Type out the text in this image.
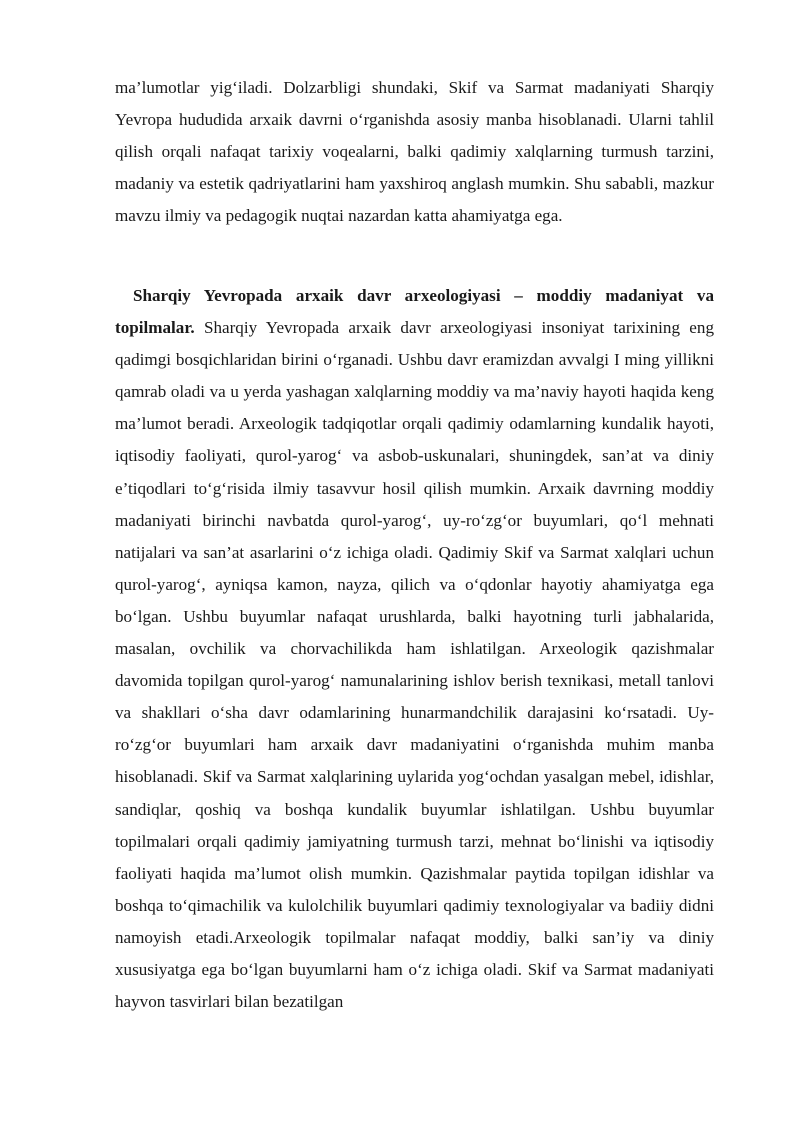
ma’lumotlar yig‘iladi. Dolzarbligi shundaki, Skif va Sarmat madaniyati Sharqiy Yevropa hududida arxaik davrni o‘rganishda asosiy manba hisoblanadi. Ularni tahlil qilish orqali nafaqat tarixiy voqealarni, balki qadimiy xalqlarning turmush tarzini, madaniy va estetik qadriyatlarini ham yaxshiroq anglash mumkin. Shu sababli, mazkur mavzu ilmiy va pedagogik nuqtai nazardan katta ahamiyatga ega.

Sharqiy Yevropada arxaik davr arxeologiyasi – moddiy madaniyat va topilmalar. Sharqiy Yevropada arxaik davr arxeologiyasi insoniyat tarixining eng qadimgi bosqichlaridan birini o‘rganadi. Ushbu davr eramizdan avvalgi I ming yillikni qamrab oladi va u yerda yashagan xalqlarning moddiy va ma’naviy hayoti haqida keng ma’lumot beradi. Arxeologik tadqiqotlar orqali qadimiy odamlarning kundalik hayoti, iqtisodiy faoliyati, qurol-yarog‘ va asbob-uskunalari, shuningdek, san’at va diniy e’tiqodlari to‘g‘risida ilmiy tasavvur hosil qilish mumkin. Arxaik davrning moddiy madaniyati birinchi navbatda qurol-yarog‘, uy-ro‘zg‘or buyumlari, qo‘l mehnati natijalari va san’at asarlarini o‘z ichiga oladi. Qadimiy Skif va Sarmat xalqlari uchun qurol-yarog‘, ayniqsa kamon, nayza, qilich va o‘qdonlar hayotiy ahamiyatga ega bo‘lgan. Ushbu buyumlar nafaqat urushlarda, balki hayotning turli jabhalarida, masalan, ovchilik va chorvachilikda ham ishlatilgan. Arxeologik qazishmalar davomida topilgan qurol-yarog‘ namunalarining ishlov berish texnikasi, metall tanlovi va shakllari o‘sha davr odamlarining hunarmandchilik darajasini ko‘rsatadi. Uy-ro‘zg‘or buyumlari ham arxaik davr madaniyatini o‘rganishda muhim manba hisoblanadi. Skif va Sarmat xalqlarining uylarida yog‘ochdan yasalgan mebel, idishlar, sandiqlar, qoshiq va boshqa kundalik buyumlar ishlatilgan. Ushbu buyumlar topilmalari orqali qadimiy jamiyatning turmush tarzi, mehnat bo‘linishi va iqtisodiy faoliyati haqida ma’lumot olish mumkin. Qazishmalar paytida topilgan idishlar va boshqa to‘qimachilik va kulolchilik buyumlari qadimiy texnologiyalar va badiiy didni namoyish etadi.Arxeologik topilmalar nafaqat moddiy, balki san’iy va diniy xususiyatga ega bo‘lgan buyumlarni ham o‘z ichiga oladi. Skif va Sarmat madaniyati hayvon tasvirlari bilan bezatilgan
